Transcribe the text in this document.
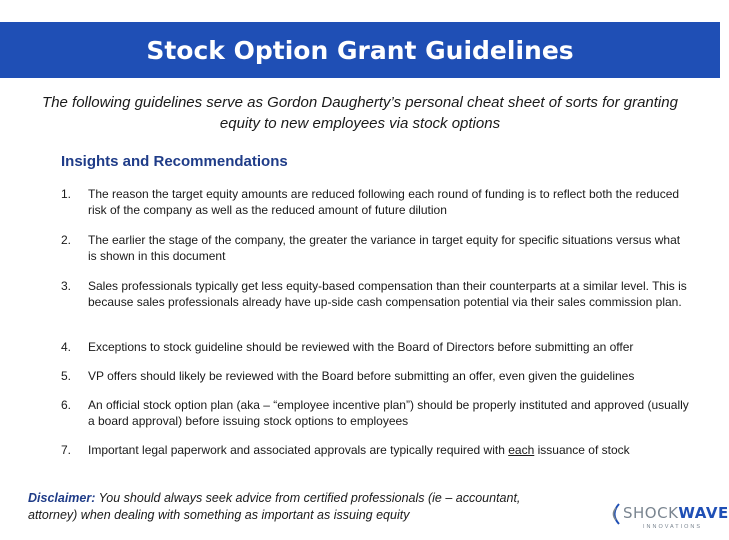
Stock Option Grant Guidelines

The following guidelines serve as Gordon Daugherty’s personal cheat sheet of sorts for granting equity to new employees via stock options

Insights and Recommendations
1.	The reason the target equity amounts are reduced following each round of funding is to reflect both the reduced risk of the company as well as the reduced amount of future dilution
2.	The earlier the stage of the company, the greater the variance in target equity for specific situations versus what is shown in this document
3.	Sales professionals typically get less equity-based compensation than their counterparts at a similar level. This is because sales professionals already have up-side cash compensation potential via their sales commission plan.
4.	Exceptions to stock guideline should be reviewed with the Board of Directors before submitting an offer
5.	VP offers should likely be reviewed with the Board before submitting an offer, even given the guidelines
6.	An official stock option plan (aka – “employee incentive plan”) should be properly instituted and approved (usually a board approval) before issuing stock options to employees
7.	Important legal paperwork and associated approvals are typically required with each issuance of stock

Disclaimer: You should always seek advice from certified professionals (ie – accountant, attorney) when dealing with something as important as issuing equity	SHOCKWAVE
INNOVATIONS
